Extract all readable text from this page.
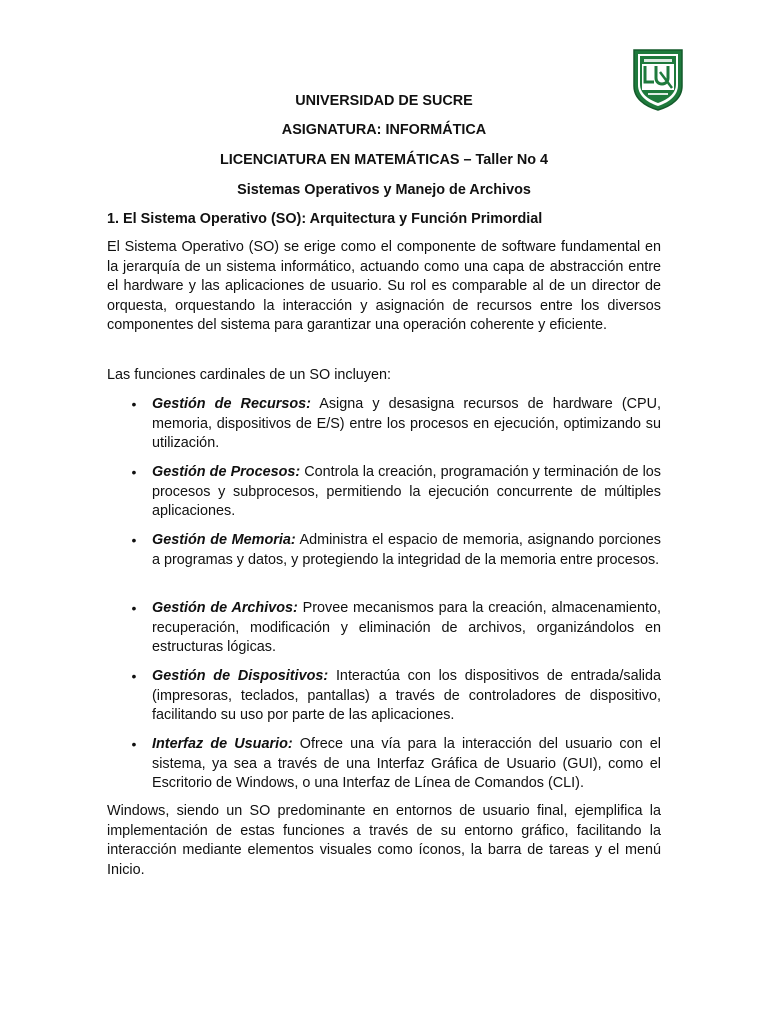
UNIVERSIDAD DE SUCRE
ASIGNATURA: INFORMÁTICA
LICENCIATURA EN MATEMÁTICAS – Taller No 4
Sistemas Operativos y Manejo de Archivos
1. El Sistema Operativo (SO): Arquitectura y Función Primordial

El Sistema Operativo (SO) se erige como el componente de software fundamental en la jerarquía de un sistema informático, actuando como una capa de abstracción entre el hardware y las aplicaciones de usuario. Su rol es comparable al de un director de orquesta, orquestando la interacción y asignación de recursos entre los diversos componentes del sistema para garantizar una operación coherente y eficiente.

Las funciones cardinales de un SO incluyen:

• Gestión de Recursos: Asigna y desasigna recursos de hardware (CPU, memoria, dispositivos de E/S) entre los procesos en ejecución, optimizando su utilización.
• Gestión de Procesos: Controla la creación, programación y terminación de los procesos y subprocesos, permitiendo la ejecución concurrente de múltiples aplicaciones.
• Gestión de Memoria: Administra el espacio de memoria, asignando porciones a programas y datos, y protegiendo la integridad de la memoria entre procesos.
• Gestión de Archivos: Provee mecanismos para la creación, almacenamiento, recuperación, modificación y eliminación de archivos, organizándolos en estructuras lógicas.
• Gestión de Dispositivos: Interactúa con los dispositivos de entrada/salida (impresoras, teclados, pantallas) a través de controladores de dispositivo, facilitando su uso por parte de las aplicaciones.
• Interfaz de Usuario: Ofrece una vía para la interacción del usuario con el sistema, ya sea a través de una Interfaz Gráfica de Usuario (GUI), como el Escritorio de Windows, o una Interfaz de Línea de Comandos (CLI).

Windows, siendo un SO predominante en entornos de usuario final, ejemplifica la implementación de estas funciones a través de su entorno gráfico, facilitando la interacción mediante elementos visuales como íconos, la barra de tareas y el menú Inicio.
